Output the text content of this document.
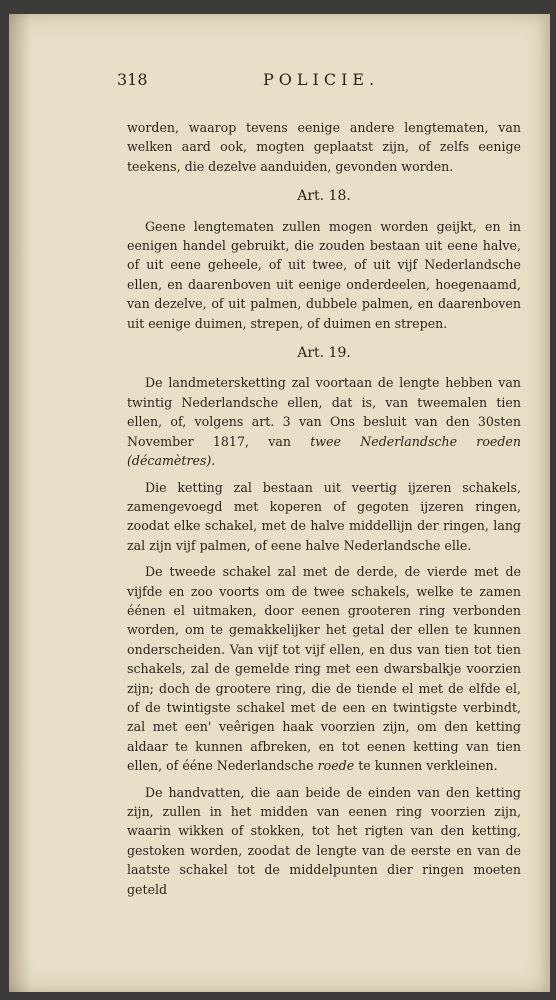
318	POLICIE.

worden, waarop tevens eenige andere lengtematen, van welken aard ook, mogten geplaatst zijn, of zelfs eenige teekens, die dezelve aanduiden, gevonden worden.

Art. 18.

Geene lengtematen zullen mogen worden geijkt, en in eenigen handel gebruikt, die zouden bestaan uit eene halve, of uit eene geheele, of uit twee, of uit vijf Nederlandsche ellen, en daarenboven uit eenige onderdeelen, hoegenaamd, van dezelve, of uit palmen, dubbele palmen, en daarenboven uit eenige duimen, strepen, of duimen en strepen.

Art. 19.

De landmetersketting zal voortaan de lengte hebben van twintig Nederlandsche ellen, dat is, van tweemalen tien ellen, of, volgens art. 3 van Ons besluit van den 30sten November 1817, van twee Nederlandsche roeden (décamètres).

Die ketting zal bestaan uit veertig ijzeren schakels, zamengevoegd met koperen of gegoten ijzeren ringen, zoodat elke schakel, met de halve middellijn der ringen, lang zal zijn vijf palmen, of eene halve Nederlandsche elle.

De tweede schakel zal met de derde, de vierde met de vijfde en zoo voorts om de twee schakels, welke te zamen éénen el uitmaken, door eenen grooteren ring verbonden worden, om te gemakkelijker het getal der ellen te kunnen onderscheiden. Van vijf tot vijf ellen, en dus van tien tot tien schakels, zal de gemelde ring met een dwarsbalkje voorzien zijn; doch de grootere ring, die de tiende el met de elfde el, of de twintigste schakel met de een en twintigste verbindt, zal met een' veêrigen haak voorzien zijn, om den ketting aldaar te kunnen afbreken, en tot eenen ketting van tien ellen, of ééne Nederlandsche roede te kunnen verkleinen.

De handvatten, die aan beide de einden van den ketting zijn, zullen in het midden van eenen ring voorzien zijn, waarin wikken of stokken, tot het rigten van den ketting, gestoken worden, zoodat de lengte van de eerste en van de laatste schakel tot de middelpunten dier ringen moeten geteld
